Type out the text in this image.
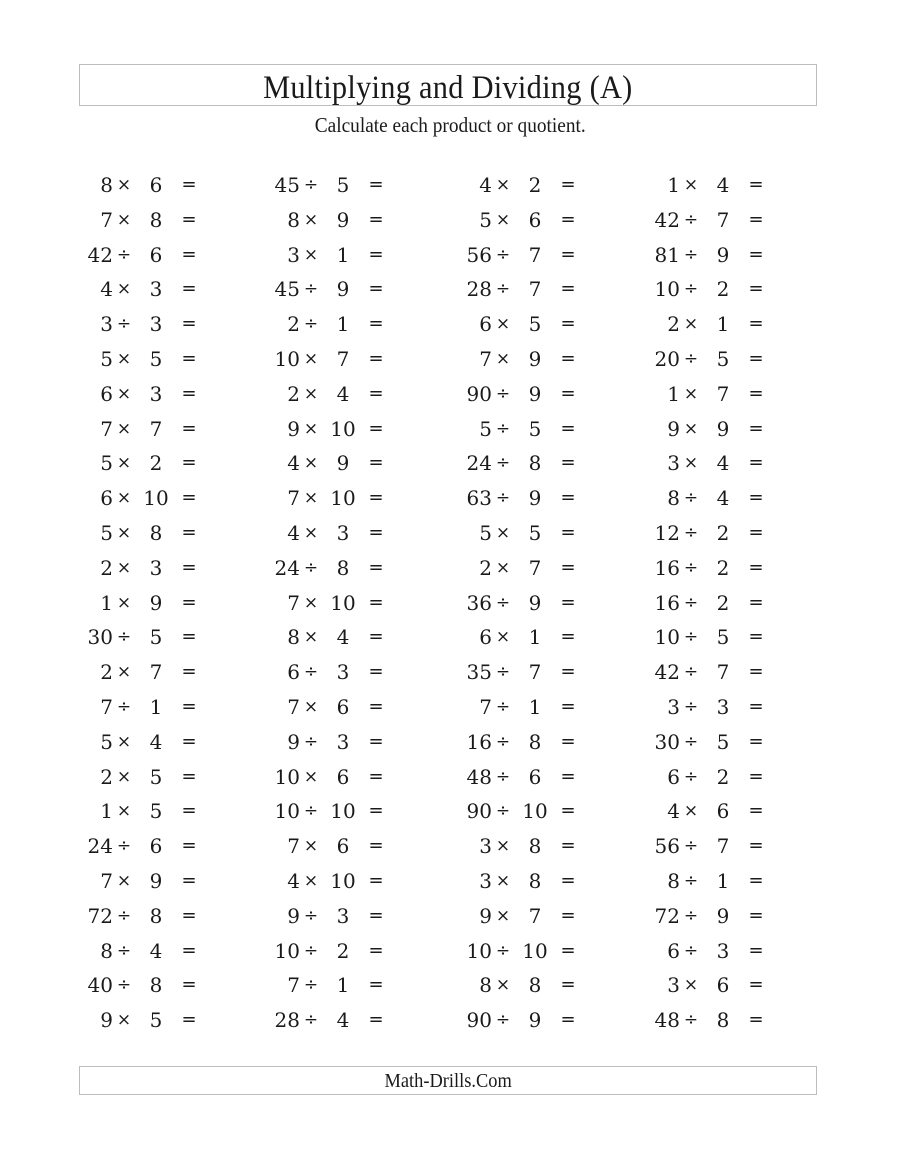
Multiplying and Dividing (A)
Calculate each product or quotient.
8 × 6	=	45 ÷ 5	=	4 × 2	=	1 × 4	=
7 × 8	=	8 × 9	=	5 × 6	=	42 ÷ 7	=
42 ÷ 6	=	3 × 1	=	56 ÷ 7	=	81 ÷ 9	=
4 × 3	=	45 ÷ 9	=	28 ÷ 7	=	10 ÷ 2	=
3 ÷ 3	=	2 ÷ 1	=	6 × 5	=	2 × 1	=
5 × 5	=	10 × 7	=	7 × 9	=	20 ÷ 5	=
6 × 3	=	2 × 4	=	90 ÷ 9	=	1 × 7	=
7 × 7	=	9 × 10 =	5 ÷ 5	=	9 × 9	=
5 × 2	=	4 × 9	=	24 ÷ 8	=	3 × 4	=
6 × 10 =	7 × 10 =	63 ÷ 9	=	8 ÷ 4	=
5 × 8	=	4 × 3	=	5 × 5	=	12 ÷ 2	=
2 × 3	=	24 ÷ 8	=	2 × 7	=	16 ÷ 2	=
1 × 9	=	7 × 10 =	36 ÷ 9	=	16 ÷ 2	=
30 ÷ 5	=	8 × 4	=	6 × 1	=	10 ÷ 5	=
2 × 7	=	6 ÷ 3	=	35 ÷ 7	=	42 ÷ 7	=
7 ÷ 1	=	7 × 6	=	7 ÷ 1	=	3 ÷ 3	=
5 × 4	=	9 ÷ 3	=	16 ÷ 8	=	30 ÷ 5	=
2 × 5	=	10 × 6	=	48 ÷ 6	=	6 ÷ 2	=
1 × 5	=	10 ÷ 10 =	90 ÷ 10 =	4 × 6	=
24 ÷ 6	=	7 × 6	=	3 × 8	=	56 ÷ 7	=
7 × 9	=	4 × 10 =	3 × 8	=	8 ÷ 1	=
72 ÷ 8	=	9 ÷ 3	=	9 × 7	=	72 ÷ 9	=
8 ÷ 4	=	10 ÷ 2	=	10 ÷ 10 =	6 ÷ 3	=
40 ÷ 8	=	7 ÷ 1	=	8 × 8	=	3 × 6	=
9 × 5	=	28 ÷ 4	=	90 ÷ 9	=	48 ÷ 8	=
Math-Drills.Com
